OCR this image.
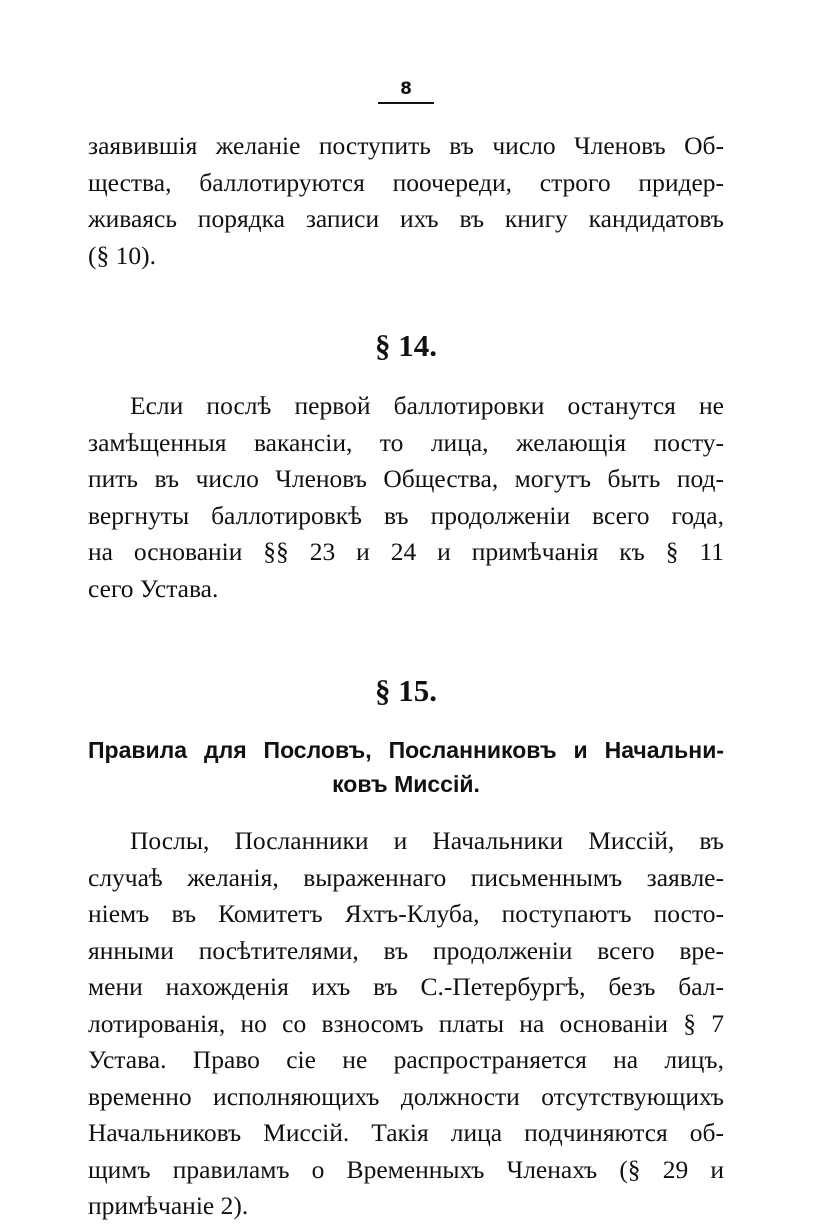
8
заявившія желаніе поступить въ число Членовъ Об-
щества, баллотируются поочереди, строго придер-
живаясь порядка записи ихъ въ книгу кандидатовъ
(§ 10).
§ 14.
Если послѣ первой баллотировки останутся не
замѣщенныя вакансіи, то лица, желающія посту-
пить въ число Членовъ Общества, могутъ быть под-
вергнуты баллотировкѣ въ продолженіи всего года,
на основаніи §§ 23 и 24 и примѣчанія къ § 11
сего Устава.
§ 15.
Правила для Пословъ, Посланниковъ и Начальни-
ковъ Миссій.
Послы, Посланники и Начальники Миссій, въ
случаѣ желанія, выраженнаго письменнымъ заявле-
ніемъ въ Комитетъ Яхтъ-Клуба, поступаютъ посто-
янными посѣтителями, въ продолженіи всего вре-
мени нахожденія ихъ въ С.-Петербургѣ, безъ бал-
лотированія, но со взносомъ платы на основаніи § 7
Устава. Право сіе не распространяется на лицъ,
временно исполняющихъ должности отсутствующихъ
Начальниковъ Миссій. Такія лица подчиняются об-
щимъ правиламъ о Временныхъ Членахъ (§ 29 и
примѣчаніе 2).
